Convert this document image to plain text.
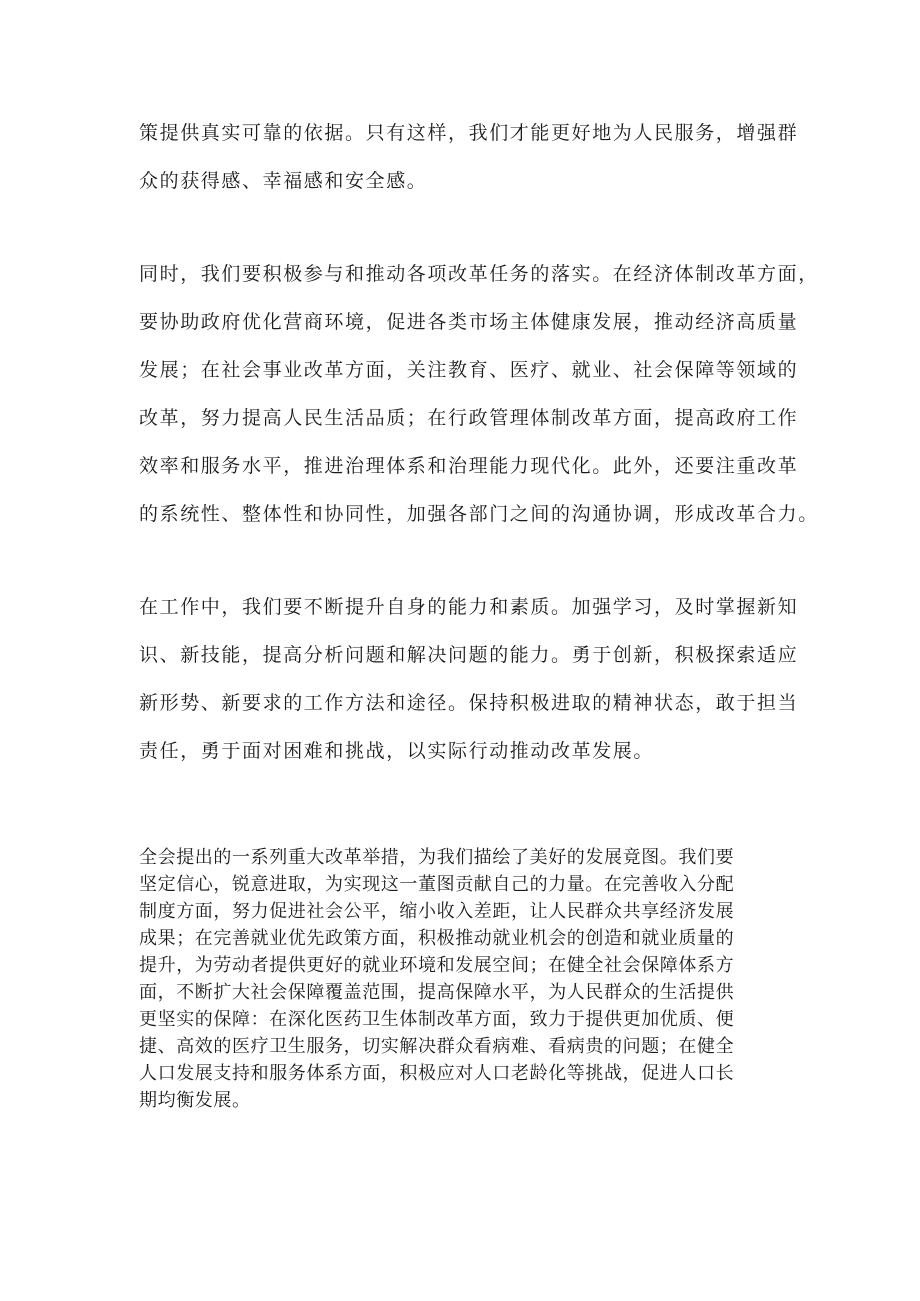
策提供真实可靠的依据。只有这样，我们才能更好地为人民服务，增强群
众的获得感、幸福感和安全感。
同时，我们要积极参与和推动各项改革任务的落实。在经济体制改革方面，
要协助政府优化营商环境，促进各类市场主体健康发展，推动经济高质量
发展；在社会事业改革方面，关注教育、医疗、就业、社会保障等领域的
改革，努力提高人民生活品质；在行政管理体制改革方面，提高政府工作
效率和服务水平，推进治理体系和治理能力现代化。此外，还要注重改革
的系统性、整体性和协同性，加强各部门之间的沟通协调，形成改革合力。
在工作中，我们要不断提升自身的能力和素质。加强学习，及时掌握新知
识、新技能，提高分析问题和解决问题的能力。勇于创新，积极探索适应
新形势、新要求的工作方法和途径。保持积极进取的精神状态，敢于担当
责任，勇于面对困难和挑战，以实际行动推动改革发展。
全会提出的一系列重大改革举措，为我们描绘了美好的发展竟图。我们要
坚定信心，锐意进取，为实现这一董图贡献自己的力量。在完善收入分配
制度方面，努力促进社会公平，缩小收入差距，让人民群众共享经济发展
成果；在完善就业优先政策方面，积极推动就业机会的创造和就业质量的
提升，为劳动者提供更好的就业环境和发展空间；在健全社会保障体系方
面，不断扩大社会保障覆盖范围，提高保障水平，为人民群众的生活提供
更坚实的保障：在深化医药卫生体制改革方面，致力于提供更加优质、便
捷、高效的医疗卫生服务，切实解决群众看病难、看病贵的问题；在健全
人口发展支持和服务体系方面，积极应对人口老龄化等挑战，促进人口长
期均衡发展。
